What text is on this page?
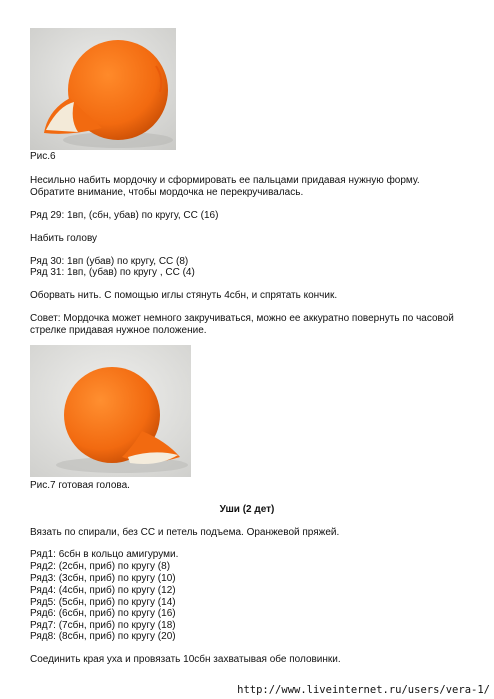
Рис.6
Несильно набить мордочку и сформировать ее пальцами придавая нужную форму.
Обратите внимание, чтобы мордочка не перекручивалась.
Ряд 29: 1вп, (сбн, убав) по кругу, СС (16)
Набить голову
Ряд 30: 1вп (убав) по кругу, СС (8)
Ряд 31: 1вп, (убав) по кругу , СС (4)
Оборвать нить. С помощью иглы стянуть 4сбн, и спрятать кончик.
Совет: Мордочка может немного закручиваться, можно ее аккуратно повернуть по часовой
стрелке придавая нужное положение.
Рис.7 готовая голова.
Уши (2 дет)
Вязать по спирали, без СС и петель подъема. Оранжевой пряжей.
Ряд1: 6сбн в кольцо амигуруми.
Ряд2: (2сбн, приб) по кругу (8)
Ряд3: (3сбн, приб) по кругу (10)
Ряд4: (4сбн, приб) по кругу (12)
Ряд5: (5сбн, приб) по кругу (14)
Ряд6: (6сбн, приб) по кругу (16)
Ряд7: (7сбн, приб) по кругу (18)
Ряд8: (8сбн, приб) по кругу (20)
Соединить края уха и провязать 10сбн захватывая обе половинки.
http://www.liveinternet.ru/users/vera-1/
